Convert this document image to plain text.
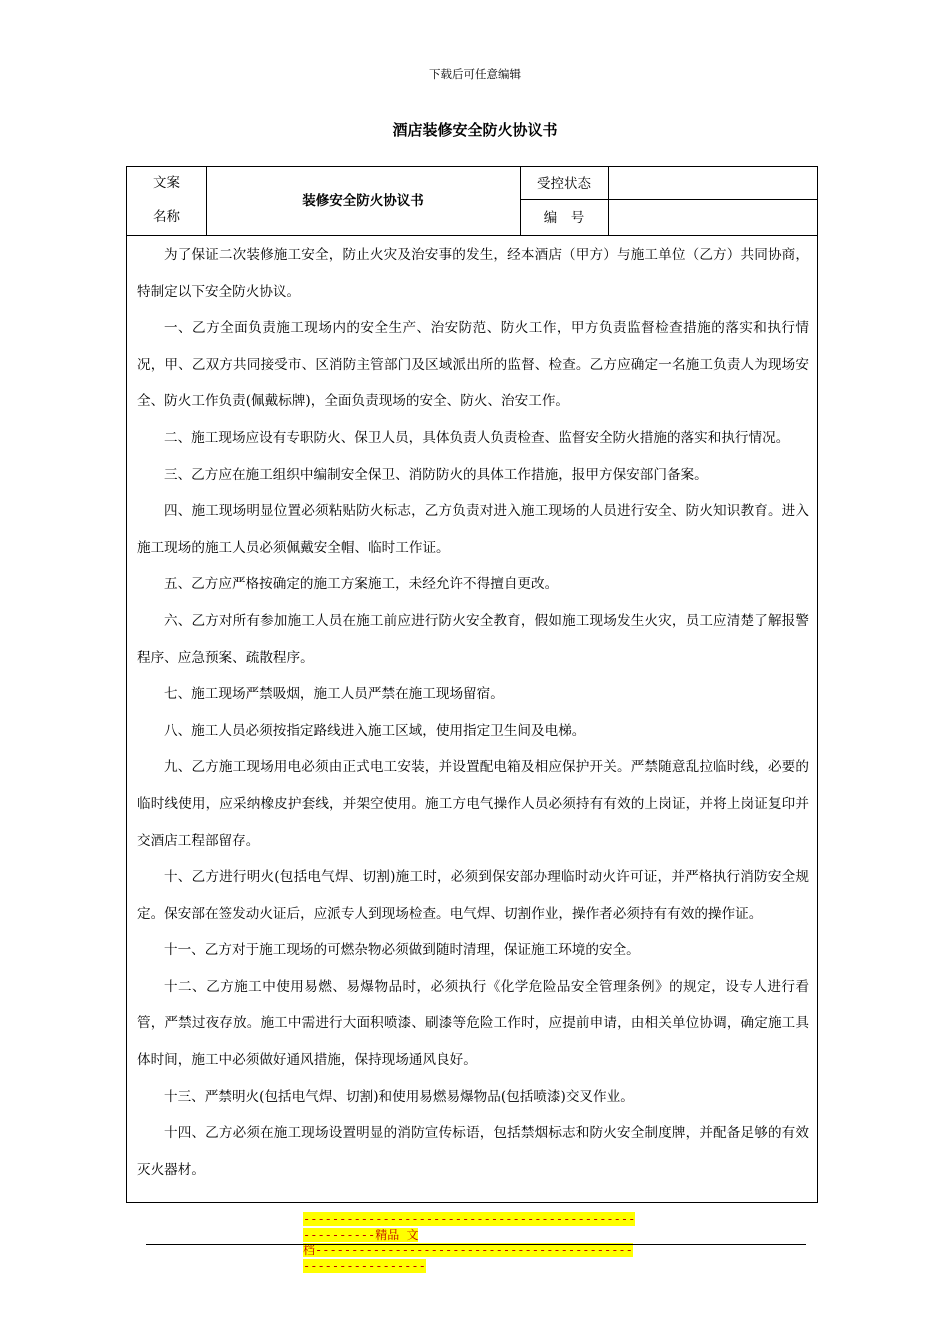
下载后可任意编辑
酒店装修安全防火协议书
文案
名称
装修安全防火协议书
受控状态
编　号

为了保证二次装修施工安全，防止火灾及治安事的发生，经本酒店（甲方）与施工单位（乙方）共同协商，特制定以下安全防火协议。

一、乙方全面负责施工现场内的安全生产、治安防范、防火工作，甲方负责监督检查措施的落实和执行情况，甲、乙双方共同接受市、区消防主管部门及区域派出所的监督、检查。乙方应确定一名施工负责人为现场安全、防火工作负责(佩戴标牌)，全面负责现场的安全、防火、治安工作。

二、施工现场应设有专职防火、保卫人员，具体负责人负责检查、监督安全防火措施的落实和执行情况。

三、乙方应在施工组织中编制安全保卫、消防防火的具体工作措施，报甲方保安部门备案。

四、施工现场明显位置必须粘贴防火标志，乙方负责对进入施工现场的人员进行安全、防火知识教育。进入施工现场的施工人员必须佩戴安全帽、临时工作证。

五、乙方应严格按确定的施工方案施工，未经允许不得擅自更改。

六、乙方对所有参加施工人员在施工前应进行防火安全教育，假如施工现场发生火灾，员工应清楚了解报警程序、应急预案、疏散程序。

七、施工现场严禁吸烟，施工人员严禁在施工现场留宿。

八、施工人员必须按指定路线进入施工区域，使用指定卫生间及电梯。

九、乙方施工现场用电必须由正式电工安装，并设置配电箱及相应保护开关。严禁随意乱拉临时线，必要的临时线使用，应采纳橡皮护套线，并架空使用。施工方电气操作人员必须持有有效的上岗证，并将上岗证复印并交酒店工程部留存。

十、乙方进行明火(包括电气焊、切割)施工时，必须到保安部办理临时动火许可证，并严格执行消防安全规定。保安部在签发动火证后，应派专人到现场检查。电气焊、切割作业，操作者必须持有有效的操作证。

十一、乙方对于施工现场的可燃杂物必须做到随时清理，保证施工环境的安全。

十二、乙方施工中使用易燃、易爆物品时，必须执行《化学危险品安全管理条例》的规定，设专人进行看管，严禁过夜存放。施工中需进行大面积喷漆、刷漆等危险工作时，应提前申请，由相关单位协调，确定施工具体时间，施工中必须做好通风措施，保持现场通风良好。

十三、严禁明火(包括电气焊、切割)和使用易燃易爆物品(包括喷漆)交叉作业。

十四、乙方必须在施工现场设置明显的消防宣传标语，包括禁烟标志和防火安全制度牌，并配备足够的有效灭火器材。

--------------------------------------------------------精品 文
档-------------------------------------------------------------
